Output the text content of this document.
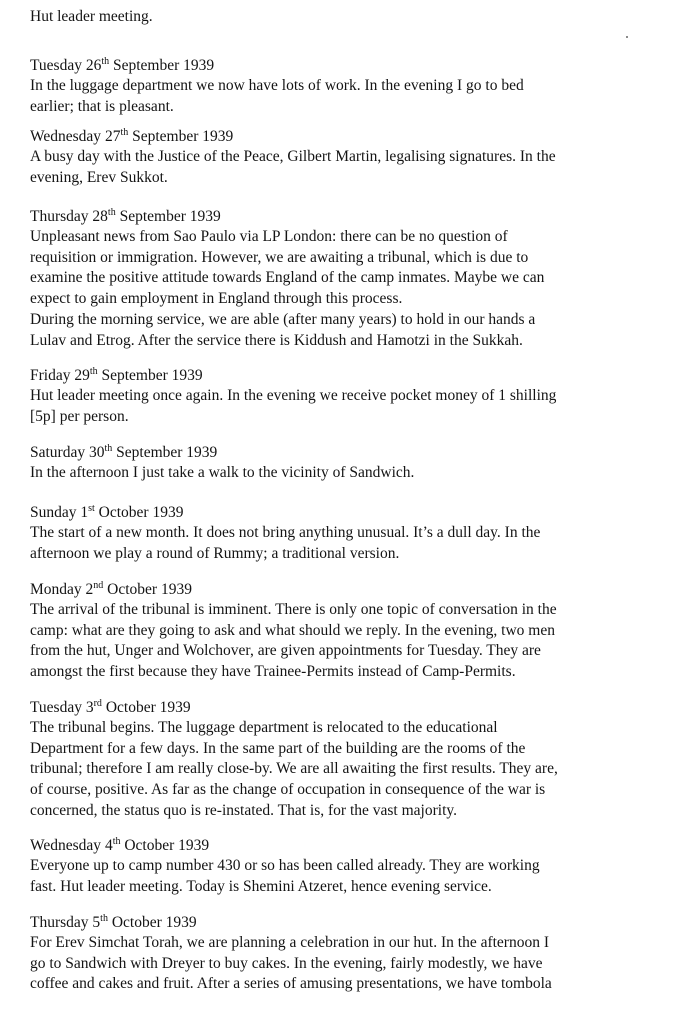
Hut leader meeting.
Tuesday 26th September 1939
In the luggage department we now have lots of work. In the evening I go to bed
earlier; that is pleasant.
Wednesday 27th September 1939
A busy day with the Justice of the Peace, Gilbert Martin, legalising signatures. In the
evening, Erev Sukkot.
Thursday 28th September 1939
Unpleasant news from Sao Paulo via LP London: there can be no question of
requisition or immigration. However, we are awaiting a tribunal, which is due to
examine the positive attitude towards England of the camp inmates. Maybe we can
expect to gain employment in England through this process.
During the morning service, we are able (after many years) to hold in our hands a
Lulav and Etrog. After the service there is Kiddush and Hamotzi in the Sukkah.
Friday 29th September 1939
Hut leader meeting once again. In the evening we receive pocket money of 1 shilling
[5p] per person.
Saturday 30th September 1939
In the afternoon I just take a walk to the vicinity of Sandwich.
Sunday 1st October 1939
The start of a new month. It does not bring anything unusual. It’s a dull day. In the
afternoon we play a round of Rummy; a traditional version.
Monday 2nd October 1939
The arrival of the tribunal is imminent. There is only one topic of conversation in the
camp: what are they going to ask and what should we reply. In the evening, two men
from the hut, Unger and Wolchover, are given appointments for Tuesday. They are
amongst the first because they have Trainee-Permits instead of Camp-Permits.
Tuesday 3rd October 1939
The tribunal begins. The luggage department is relocated to the educational
Department for a few days. In the same part of the building are the rooms of the
tribunal; therefore I am really close-by. We are all awaiting the first results. They are,
of course, positive. As far as the change of occupation in consequence of the war is
concerned, the status quo is re-instated. That is, for the vast majority.
Wednesday 4th October 1939
Everyone up to camp number 430 or so has been called already. They are working
fast. Hut leader meeting. Today is Shemini Atzeret, hence evening service.
Thursday 5th October 1939
For Erev Simchat Torah, we are planning a celebration in our hut. In the afternoon I
go to Sandwich with Dreyer to buy cakes. In the evening, fairly modestly, we have
coffee and cakes and fruit. After a series of amusing presentations, we have tombola
